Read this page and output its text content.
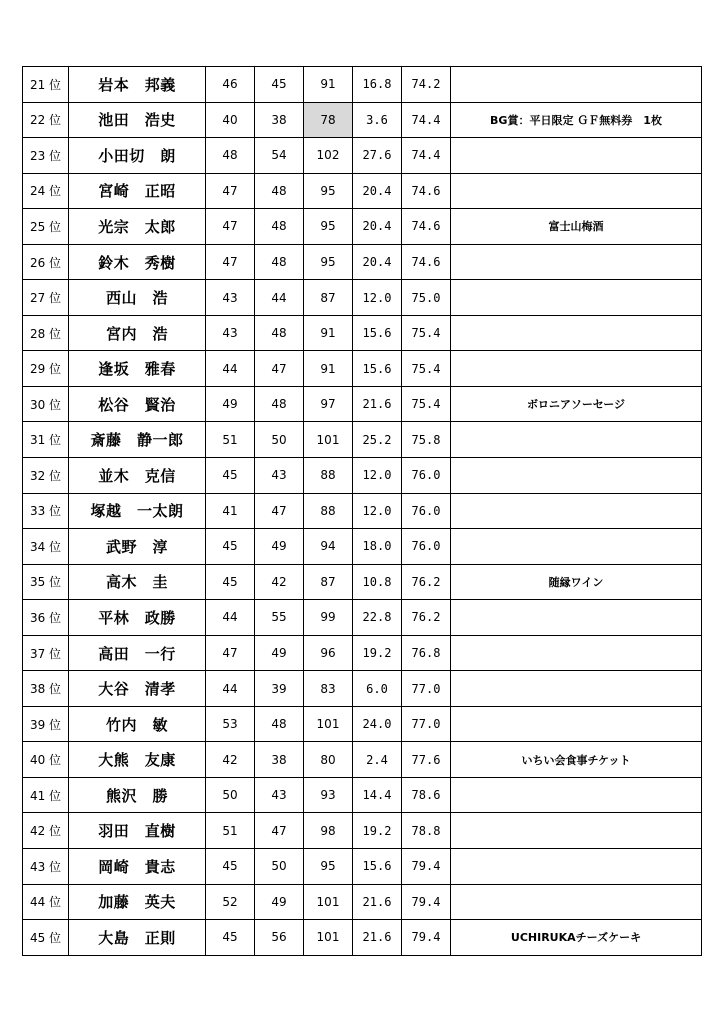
21 位	岩本　邦義	46	45	91	16.8	74.2	
22 位	池田　浩史	40	38	78	3.6	74.4	BG賞：平日限定 ＧＦ無料券　1枚
23 位	小田切　朗	48	54	102	27.6	74.4	
24 位	宮崎　正昭	47	48	95	20.4	74.6	
25 位	光宗　太郎	47	48	95	20.4	74.6	富士山梅酒
26 位	鈴木　秀樹	47	48	95	20.4	74.6	
27 位	西山　浩	43	44	87	12.0	75.0	
28 位	宮内　浩	43	48	91	15.6	75.4	
29 位	逢坂　雅春	44	47	91	15.6	75.4	
30 位	松谷　賢治	49	48	97	21.6	75.4	ボロニアソーセージ
31 位	斎藤　静一郎	51	50	101	25.2	75.8	
32 位	並木　克信	45	43	88	12.0	76.0	
33 位	塚越　一太朗	41	47	88	12.0	76.0	
34 位	武野　淳	45	49	94	18.0	76.0	
35 位	高木　圭	45	42	87	10.8	76.2	随縁ワイン
36 位	平林　政勝	44	55	99	22.8	76.2	
37 位	高田　一行	47	49	96	19.2	76.8	
38 位	大谷　清孝	44	39	83	6.0	77.0	
39 位	竹内　敏	53	48	101	24.0	77.0	
40 位	大熊　友康	42	38	80	2.4	77.6	いちい会食事チケット
41 位	熊沢　勝	50	43	93	14.4	78.6	
42 位	羽田　直樹	51	47	98	19.2	78.8	
43 位	岡崎　貴志	45	50	95	15.6	79.4	
44 位	加藤　英夫	52	49	101	21.6	79.4	
45 位	大島　正則	45	56	101	21.6	79.4	UCHIRUKAチーズケーキ
